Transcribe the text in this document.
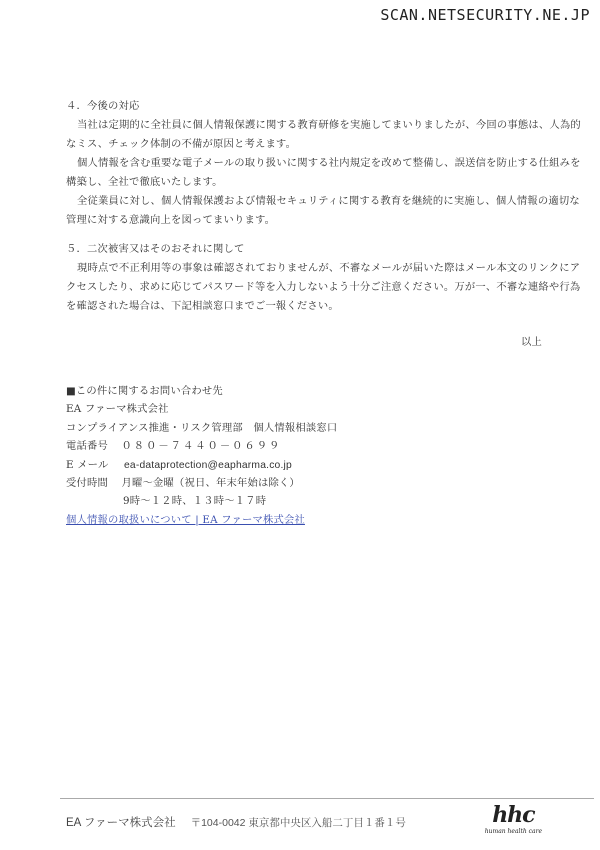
SCAN.NETSECURITY.NE.JP
４．今後の対応
当社は定期的に全社員に個人情報保護に関する教育研修を実施してまいりましたが、今回の事態は、人為的
なミス、チェック体制の不備が原因と考えます。
個人情報を含む重要な電子メールの取り扱いに関する社内規定を改めて整備し、誤送信を防止する仕組みを
構築し、全社で徹底いたします。
全従業員に対し、個人情報保護および情報セキュリティに関する教育を継続的に実施し、個人情報の適切な
管理に対する意識向上を図ってまいります。
５．二次被害又はそのおそれに関して
現時点で不正利用等の事象は確認されておりませんが、不審なメールが届いた際はメール本文のリンクにア
クセスしたり、求めに応じてパスワード等を入力しないよう十分ご注意ください。万が一、不審な連絡や行為
を確認された場合は、下記相談窓口までご一報ください。
以上
■この件に関するお問い合わせ先
EA ファーマ株式会社
コンプライアンス推進・リスク管理部　個人情報相談窓口
電話番号 ０８０－７４４０－０６９９
E メール ea-dataprotection@eapharma.co.jp
受付時間 月曜～金曜（祝日、年末年始は除く）
9時～１２時、１３時～１７時
個人情報の取扱いについて | EA ファーマ株式会社
EA ファーマ株式会社 〒104-0042 東京都中央区入船二丁目１番１号	hhc
human health care
